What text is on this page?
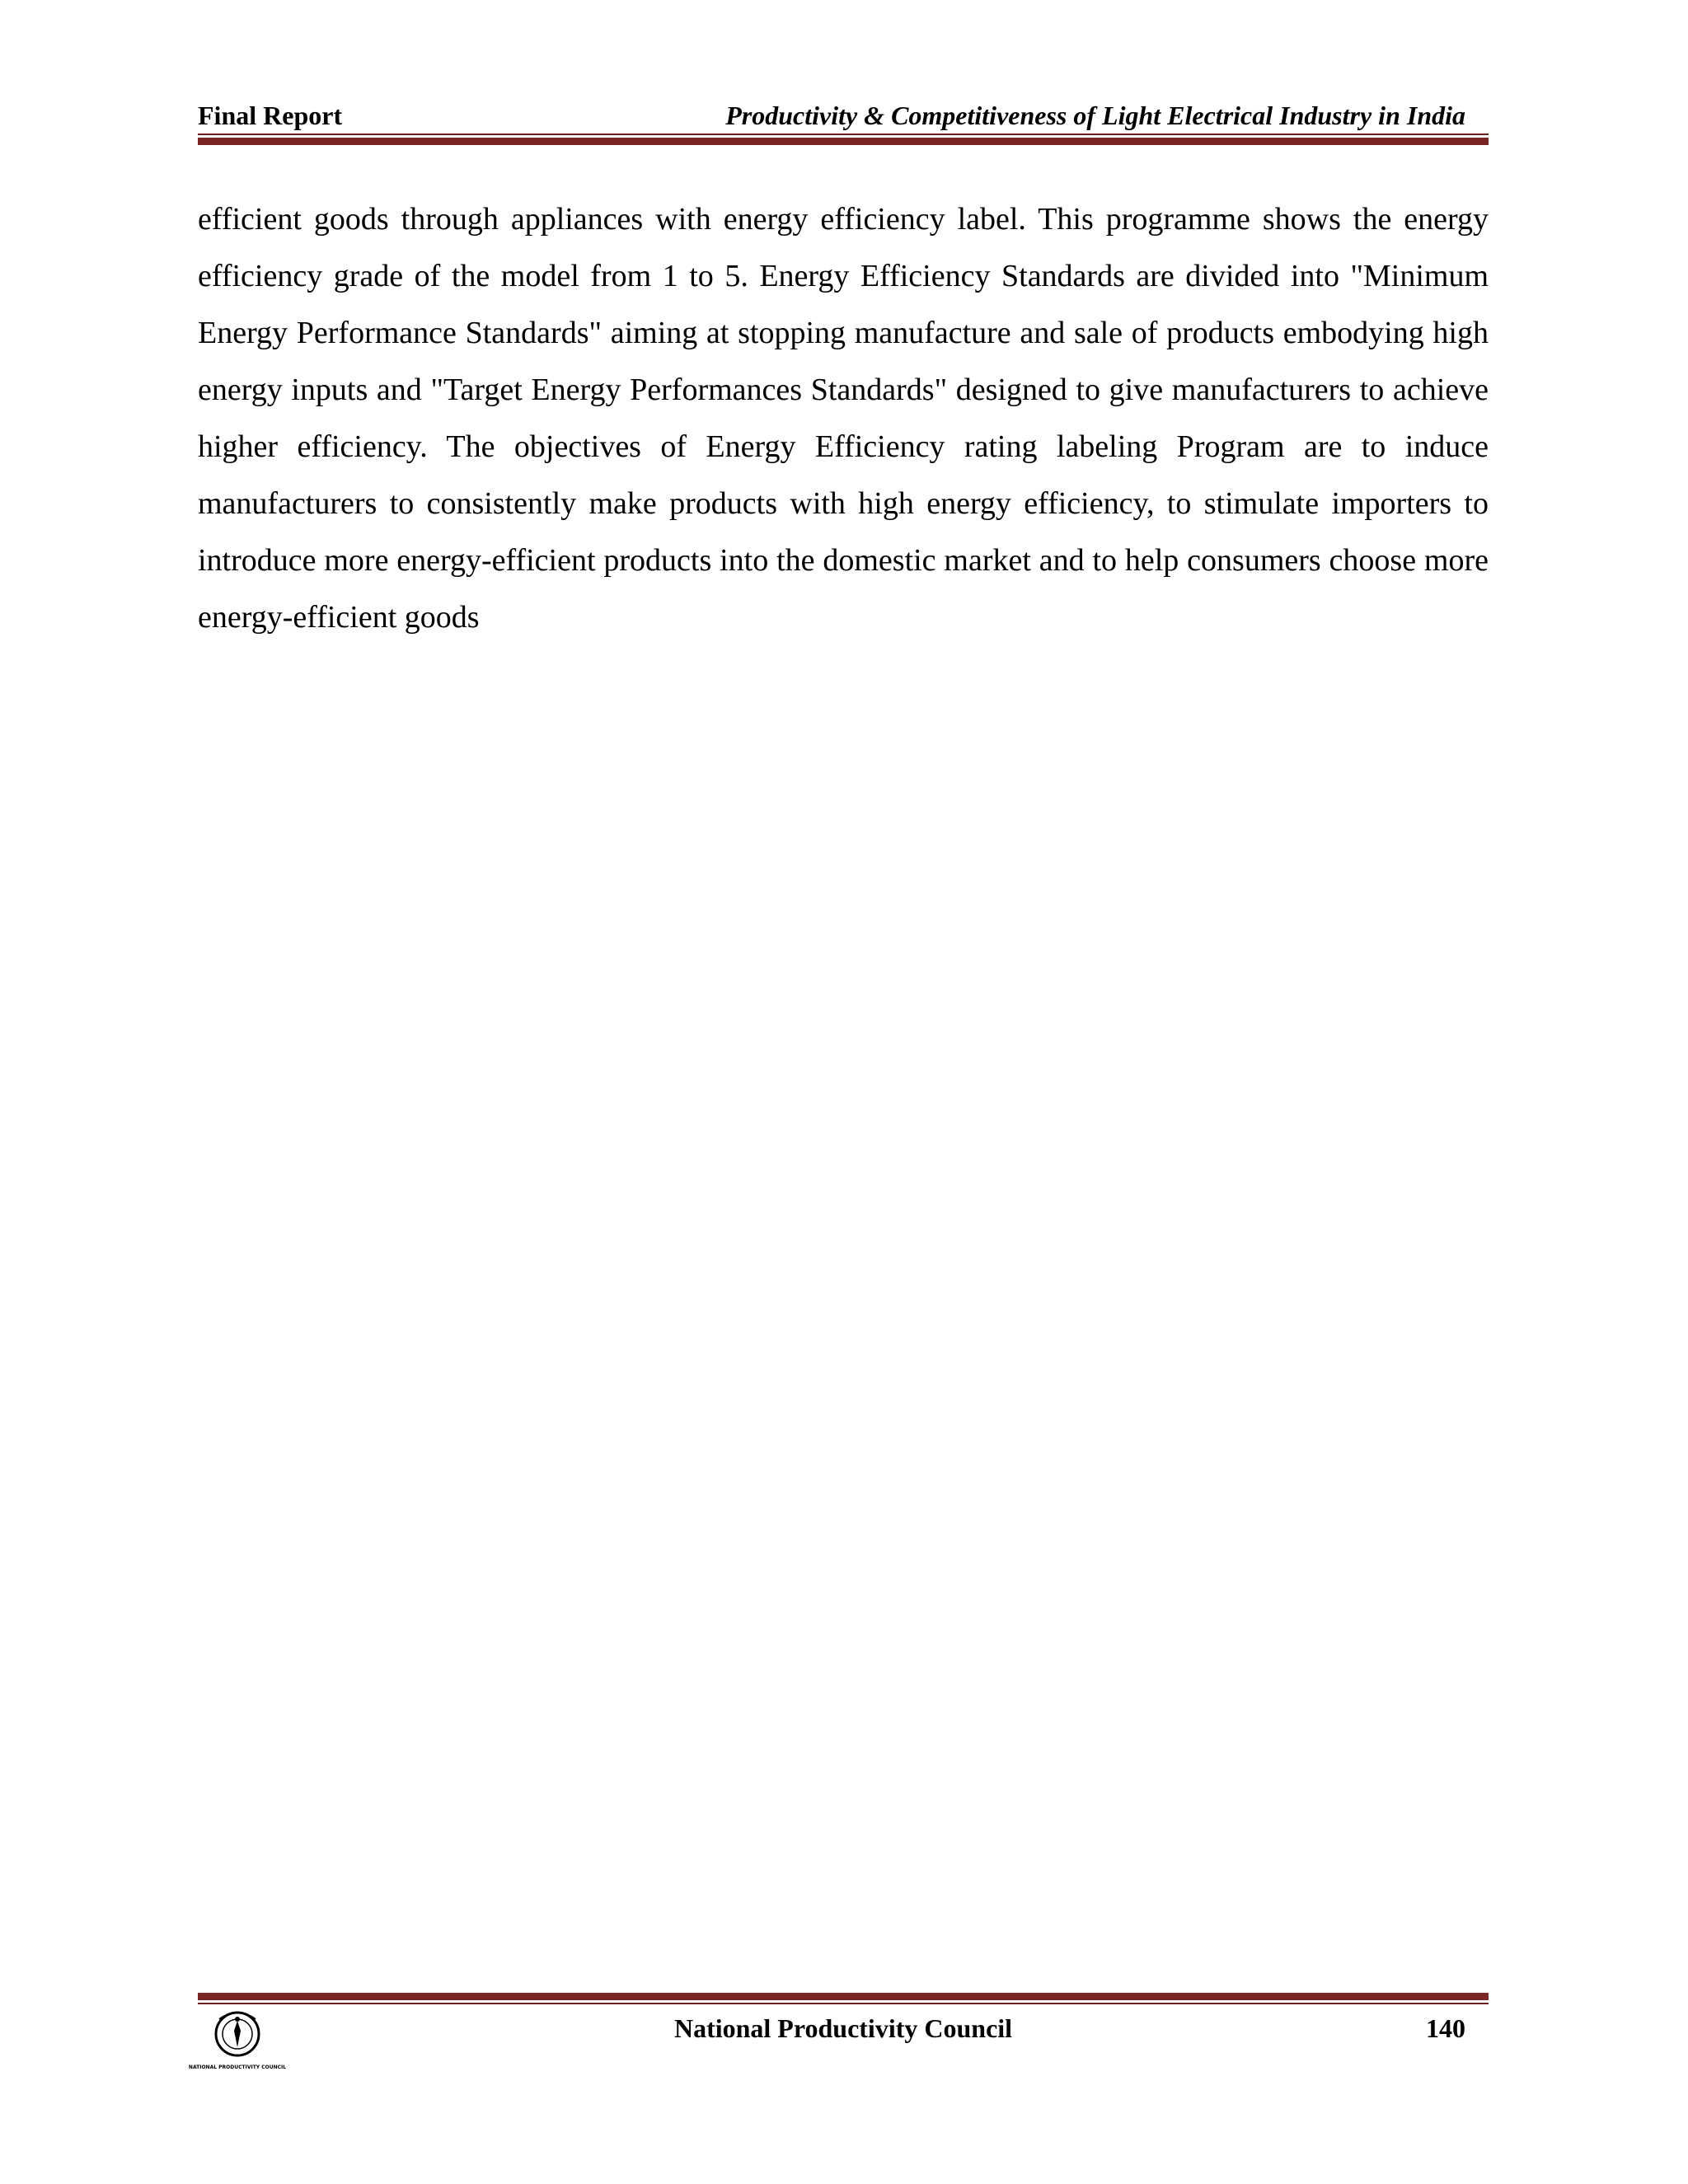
Final Report	Productivity & Competitiveness of Light Electrical Industry in India

efficient goods through appliances with energy efficiency label. This programme shows the energy efficiency grade of the model from 1 to 5. Energy Efficiency Standards are divided into "Minimum Energy Performance Standards" aiming at stopping manufacture and sale of products embodying high energy inputs and "Target Energy Performances Standards" designed to give manufacturers to achieve higher efficiency. The objectives of Energy Efficiency rating labeling Program are to induce manufacturers to consistently make products with high energy efficiency, to stimulate importers to introduce more energy-efficient products into the domestic market and to help consumers choose more energy-efficient goods

NATIONAL PRODUCTIVITY COUNCIL
National Productivity Council	140
